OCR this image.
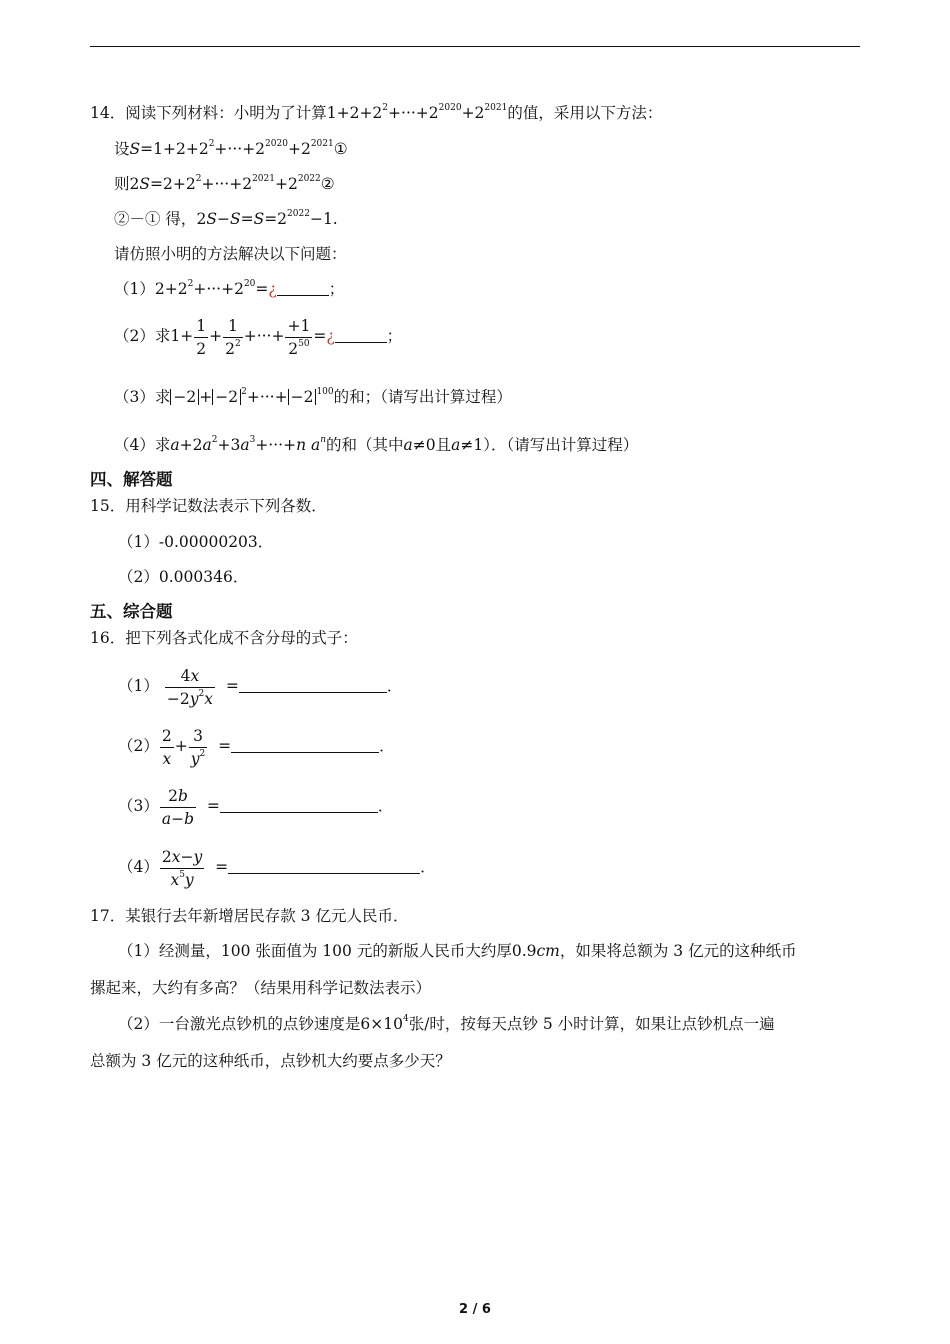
14．阅读下列材料：小明为了计算$1+2+2^2+\cdot\cdot\cdot+2^{2020}+2^{2021}$的值，采用以下方法：
设$S=1+2+2^2+\cdot\cdot\cdot+2^{2020}+2^{2021}①$
则$2S=2+2^2+\cdot\cdot\cdot+2^{2021}+2^{2022}②$
②－① 得，$2S-S=S=2^{2022}-1$.
请仿照小明的方法解决以下问题：
$(1)2+2^2+\cdot\cdot\cdot+2^{20}=¿$	；
（2）求$1+ \frac{1}{2} + \frac{1}{2^2}$ +···+ $\frac{+1}{2^{50}}$ =¿	；
（3）求 −2 + −2 $^2$+···+ −2 $^{100}$的和；（请写出计算过程）
（4）求$a+2a^2+3a^3+\cdot\cdot\cdot+n$ $a^n$的和（其中a≠0且a≠1）．（请写出计算过程）
四、解答题
15．用科学记数法表示下列各数．
（1）-0.00000203．
（2）0.000346．
五、综合题
16．把下列各式化成不含分母的式子：
$(1) \frac{4x}{-2y^2x}$ =	．
$(2) \frac{2}{x} + \frac{3}{y^2}$ =	．
$(3) \frac{2b}{a-b}$ =	．
$(4) \frac{2x-y}{x^5y}$ =	．
17．某银行去年新增居民存款 3 亿元人民币．
（1）经测量，100 张面值为 100 元的新版人民币大约厚0.9cm，如果将总额为 3 亿元的这种纸币
摞起来，大约有多高？（结果用科学记数法表示）
（2）一台激光点钞机的点钞速度是$6\times 10^4$张/时，按每天点钞 5 小时计算，如果让点钞机点一遍
总额为 3 亿元的这种纸币，点钞机大约要点多少天？
2 / 6
